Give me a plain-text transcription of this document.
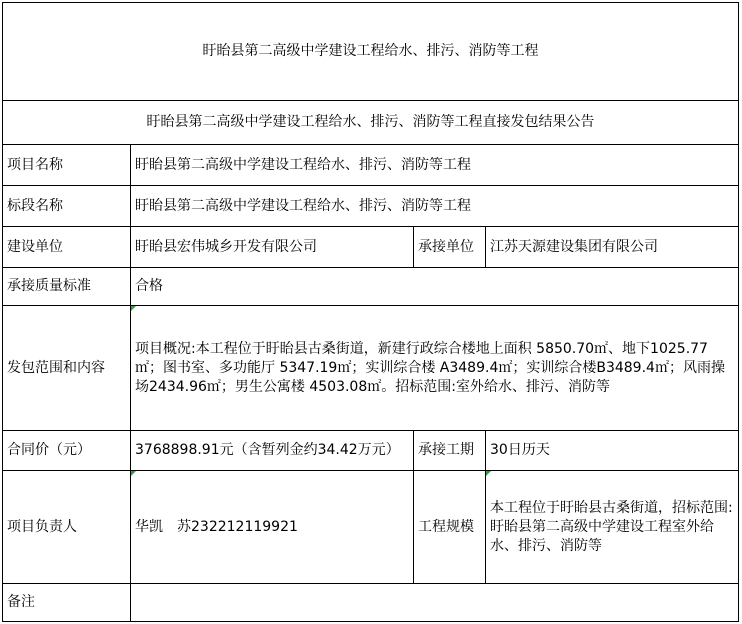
盱眙县第二高级中学建设工程给水、排污、消防等工程			
盱眙县第二高级中学建设工程给水、排污、消防等工程直接发包结果公告			
项目名称	盱眙县第二高级中学建设工程给水、排污、消防等工程		
标段名称	盱眙县第二高级中学建设工程给水、排污、消防等工程		
建设单位	盱眙县宏伟城乡开发有限公司	承接单位	江苏天源建设集团有限公司
承接质量标准	合格		
发包范围和内容	项目概况:本工程位于盱眙县古桑街道，新建行政综合楼地上面积 5850.70㎡、地下1025.77㎡；图书室、多功能厅 5347.19㎡；实训综合楼 A3489.4㎡；实训综合楼B3489.4㎡；风雨操场2434.96㎡；男生公寓楼 4503.08㎡。招标范围:室外给水、排污、消防等		
合同价（元）	3768898.91元（含暂列金约34.42万元）	承接工期	30日历天
项目负责人	华凯　苏232212119921	工程规模	本工程位于盱眙县古桑街道，招标范围:盱眙县第二高级中学建设工程室外给水、排污、消防等
备注			
